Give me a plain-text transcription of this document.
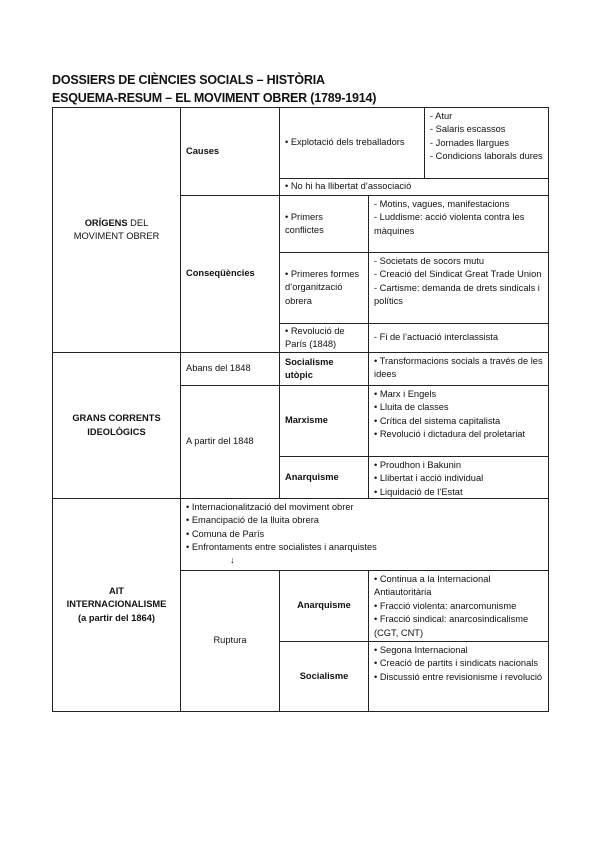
DOSSIERS DE CIÈNCIES SOCIALS – HISTÒRIA
ESQUEMA-RESUM – EL MOVIMENT OBRER (1789-1914)
ORÍGENS DEL
MOVIMENT OBRER
Causes
• Explotació dels treballadors
- Atur
- Salaris escassos
- Jornades llargues
- Condicions laborals dures
• No hi ha llibertat d’associació
Conseqüències
• Primers conflictes
- Motins, vagues, manifestacions
- Luddisme: acció violenta contra les màquines
• Primeres formes d’organització obrera
- Societats de socors mutu
- Creació del Sindicat Great Trade Union
- Cartisme: demanda de drets sindicals i polítics
• Revolució de París (1848)
- Fi de l’actuació interclassista
GRANS CORRENTS
IDEOLÒGICS
Abans del 1848
Socialisme utòpic
• Transformacions socials a través de les idees
A partir del 1848
Marxisme
• Marx i Engels
• Lluita de classes
• Crítica del sistema capitalista
• Revolució i dictadura del proletariat
Anarquisme
• Proudhon i Bakunin
• Llibertat i acció individual
• Liquidació de l’Estat
AIT
INTERNACIONALISME
(a partir del 1864)
• Internacionalització del moviment obrer
• Emancipació de la lluita obrera
• Comuna de París
• Enfrontaments entre socialistes i anarquistes
↓
Ruptura
Anarquisme
• Continua a la Internacional Antiautoritària
• Fracció violenta: anarcomunisme
• Fracció sindical: anarcosindicalisme (CGT, CNT)
Socialisme
• Segona Internacional
• Creació de partits i sindicats nacionals
• Discussió entre revisionisme i revolució
